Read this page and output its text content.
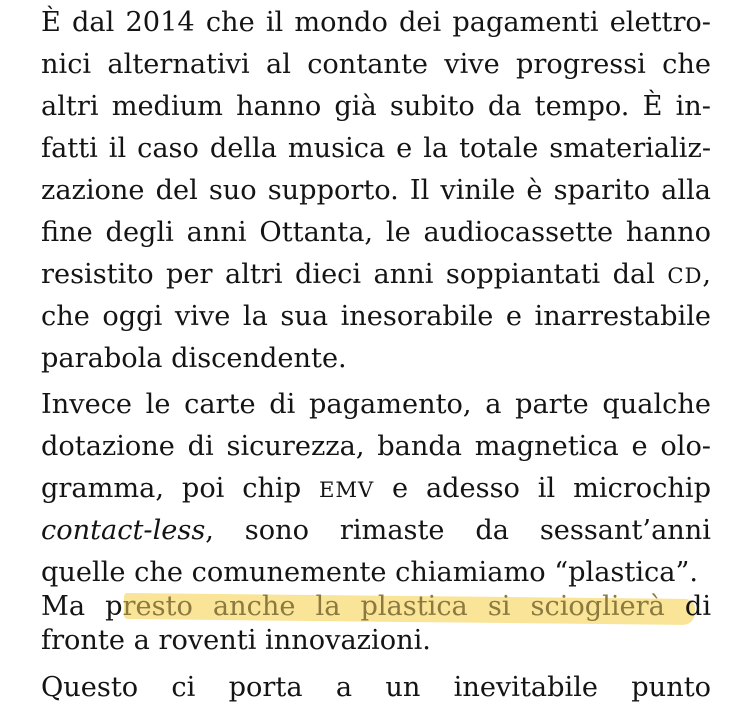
È dal 2014 che il mondo dei pagamenti elettro-
nici alternativi al contante vive progressi che
altri medium hanno già subito da tempo. È in-
fatti il caso della musica e la totale smaterializ-
zazione del suo supporto. Il vinile è sparito alla
fine degli anni Ottanta, le audiocassette hanno
resistito per altri dieci anni soppiantati dal CD,
che oggi vive la sua inesorabile e inarrestabile
parabola discendente.
Invece le carte di pagamento, a parte qualche
dotazione di sicurezza, banda magnetica e olo-
gramma, poi chip EMV e adesso il microchip
contact-less, sono rimaste da sessant’anni
quelle che comunemente chiamiamo “plastica”.
Ma presto anche la plastica si scioglierà di
fronte a roventi innovazioni.
Questo ci porta a un inevitabile punto
